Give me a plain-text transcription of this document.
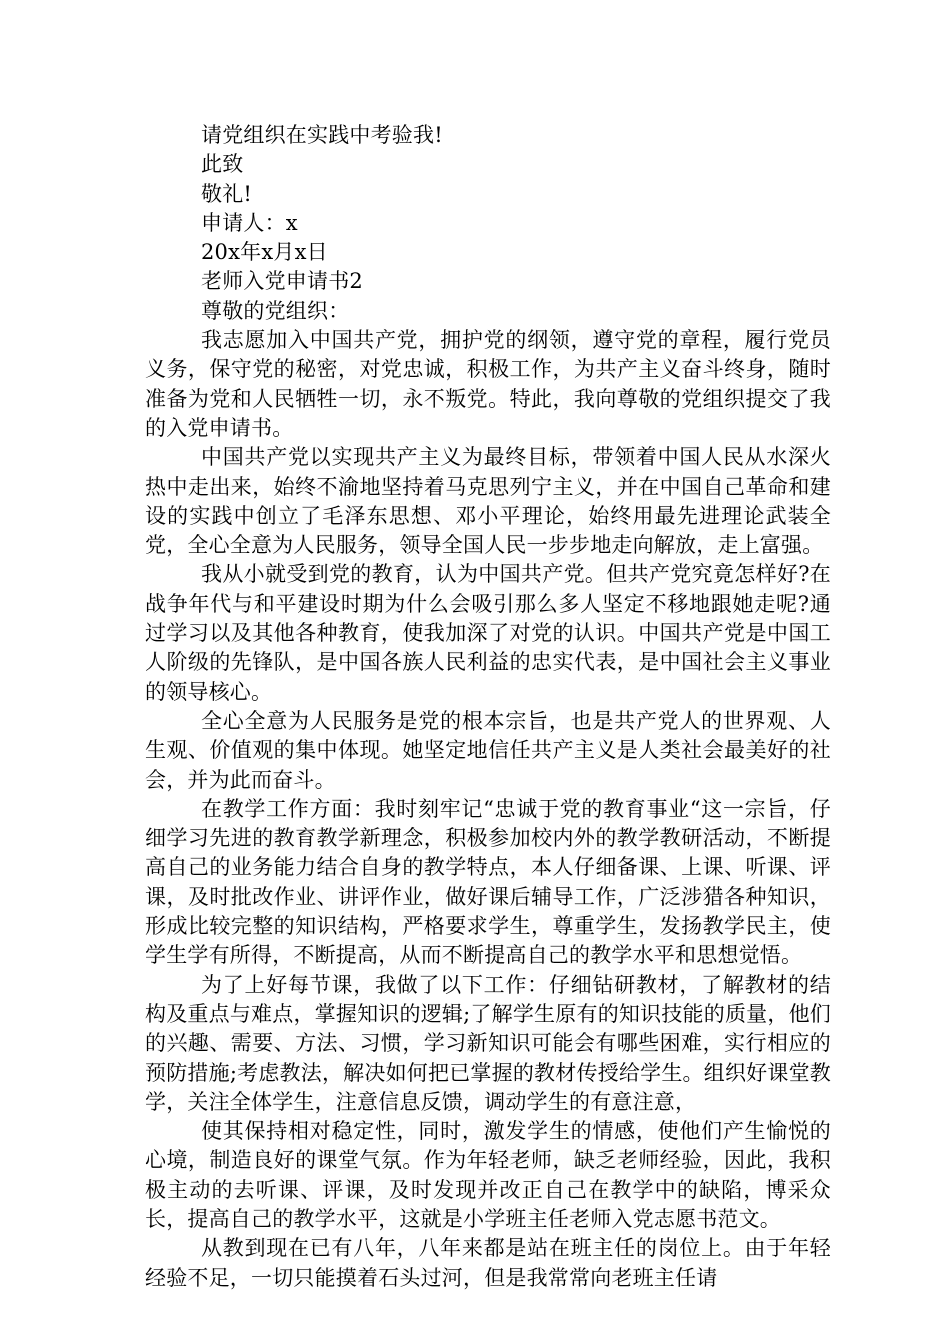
请党组织在实践中考验我!
此致
敬礼!
申请人：x
20x年x月x日
老师入党申请书2
尊敬的党组织：

我志愿加入中国共产党，拥护党的纲领，遵守党的章程，履行党员义务，保守党的秘密，对党忠诚，积极工作，为共产主义奋斗终身，随时准备为党和人民牺牲一切，永不叛党。特此，我向尊敬的党组织提交了我的入党申请书。

中国共产党以实现共产主义为最终目标，带领着中国人民从水深火热中走出来，始终不渝地坚持着马克思列宁主义，并在中国自己革命和建设的实践中创立了毛泽东思想、邓小平理论，始终用最先进理论武装全党，全心全意为人民服务，领导全国人民一步步地走向解放，走上富强。

我从小就受到党的教育，认为中国共产党。但共产党究竟怎样好?在战争年代与和平建设时期为什么会吸引那么多人坚定不移地跟她走呢?通过学习以及其他各种教育，使我加深了对党的认识。中国共产党是中国工人阶级的先锋队，是中国各族人民利益的忠实代表，是中国社会主义事业的领导核心。

全心全意为人民服务是党的根本宗旨，也是共产党人的世界观、人生观、价值观的集中体现。她坚定地信任共产主义是人类社会最美好的社会，并为此而奋斗。

在教学工作方面：我时刻牢记“忠诚于党的教育事业“这一宗旨，仔细学习先进的教育教学新理念，积极参加校内外的教学教研活动，不断提高自己的业务能力结合自身的教学特点，本人仔细备课、上课、听课、评课，及时批改作业、讲评作业，做好课后辅导工作，广泛涉猎各种知识，形成比较完整的知识结构，严格要求学生，尊重学生，发扬教学民主，使学生学有所得，不断提高，从而不断提高自己的教学水平和思想觉悟。

为了上好每节课，我做了以下工作：仔细钻研教材，了解教材的结构及重点与难点，掌握知识的逻辑;了解学生原有的知识技能的质量，他们的兴趣、需要、方法、习惯，学习新知识可能会有哪些困难，实行相应的预防措施;考虑教法，解决如何把已掌握的教材传授给学生。组织好课堂教学，关注全体学生，注意信息反馈，调动学生的有意注意，

使其保持相对稳定性，同时，激发学生的情感，使他们产生愉悦的心境，制造良好的课堂气氛。作为年轻老师，缺乏老师经验，因此，我积极主动的去听课、评课，及时发现并改正自己在教学中的缺陷，博采众长，提高自己的教学水平，这就是小学班主任老师入党志愿书范文。

从教到现在已有八年，八年来都是站在班主任的岗位上。由于年轻经验不足，一切只能摸着石头过河，但是我常常向老班主任请
